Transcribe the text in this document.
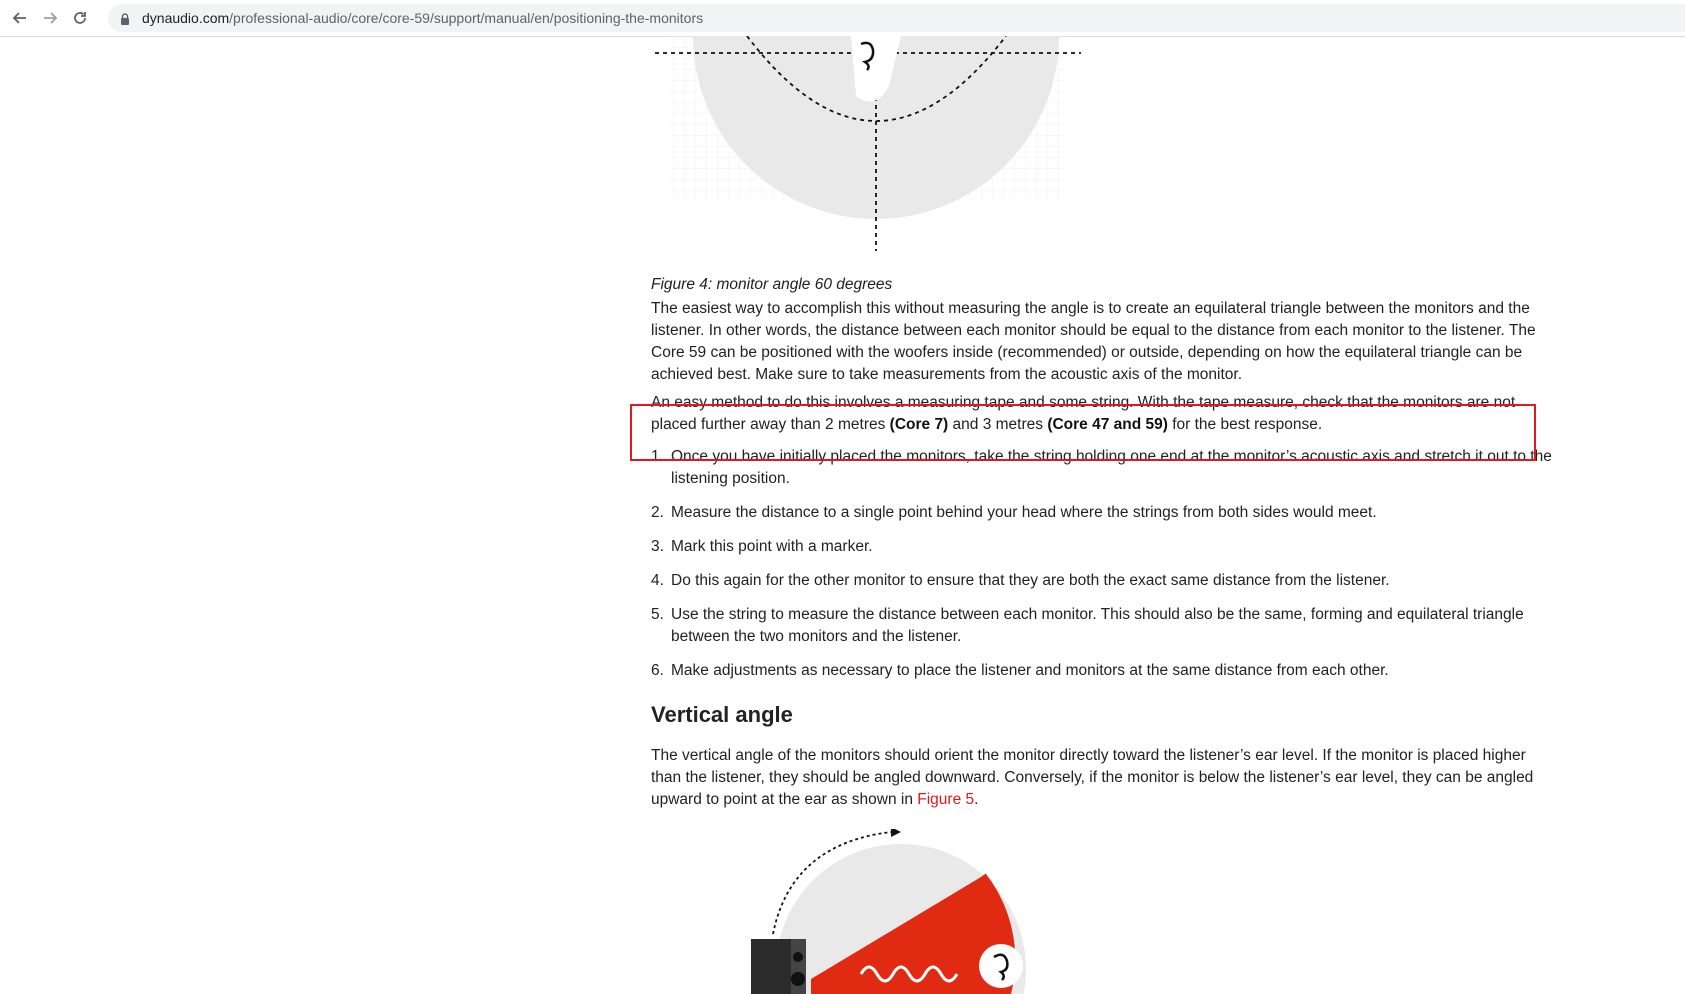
dynaudio.com/professional-audio/core/core-59/support/manual/en/positioning-the-monitors
Figure 4: monitor angle 60 degrees

The easiest way to accomplish this without measuring the angle is to create an equilateral triangle between the monitors and the listener. In other words, the distance between each monitor should be equal to the distance from each monitor to the listener. The Core 59 can be positioned with the woofers inside (recommended) or outside, depending on how the equilateral triangle can be achieved best. Make sure to take measurements from the acoustic axis of the monitor.

An easy method to do this involves a measuring tape and some string. With the tape measure, check that the monitors are not placed further away than 2 metres (Core 7) and 3 metres (Core 47 and 59) for the best response.

1. Once you have initially placed the monitors, take the string holding one end at the monitor’s acoustic axis and stretch it out to the listening position.
2. Measure the distance to a single point behind your head where the strings from both sides would meet.
3. Mark this point with a marker.
4. Do this again for the other monitor to ensure that they are both the exact same distance from the listener.
5. Use the string to measure the distance between each monitor. This should also be the same, forming and equilateral triangle between the two monitors and the listener.
6. Make adjustments as necessary to place the listener and monitors at the same distance from each other.
Vertical angle

The vertical angle of the monitors should orient the monitor directly toward the listener’s ear level. If the monitor is placed higher than the listener, they should be angled downward. Conversely, if the monitor is below the listener’s ear level, they can be angled upward to point at the ear as shown in Figure 5.
